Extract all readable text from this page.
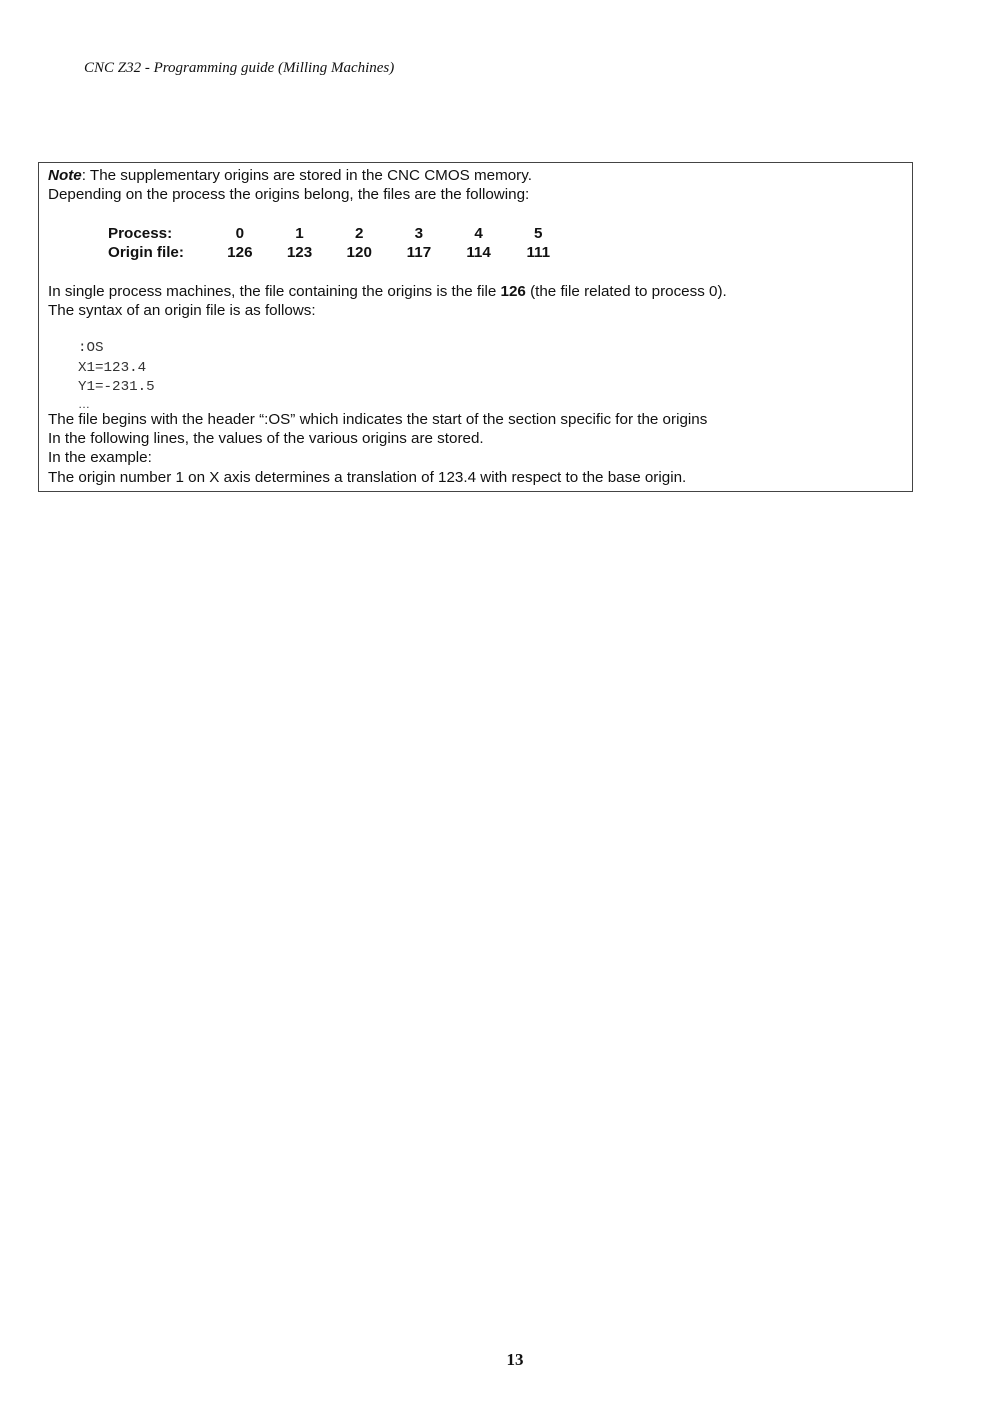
CNC Z32 - Programming guide (Milling Machines)

Note: The supplementary origins are stored in the CNC CMOS memory.

Depending on the process the origins belong, the files are the following:

Process:	0	1	2	3	4	5
Origin file:	126	123	120	117	114	111

In single process machines, the file containing the origins is the file 126 (the file related to process 0).

The syntax of an origin file is as follows:

:OS
X1=123.4
Y1=-231.5
…

The file begins with the header “:OS” which indicates the start of the section specific for the origins

In the following lines, the values of the various origins are stored.

In the example:

The origin number 1 on X axis determines a translation of 123.4 with respect to the base origin.

13
